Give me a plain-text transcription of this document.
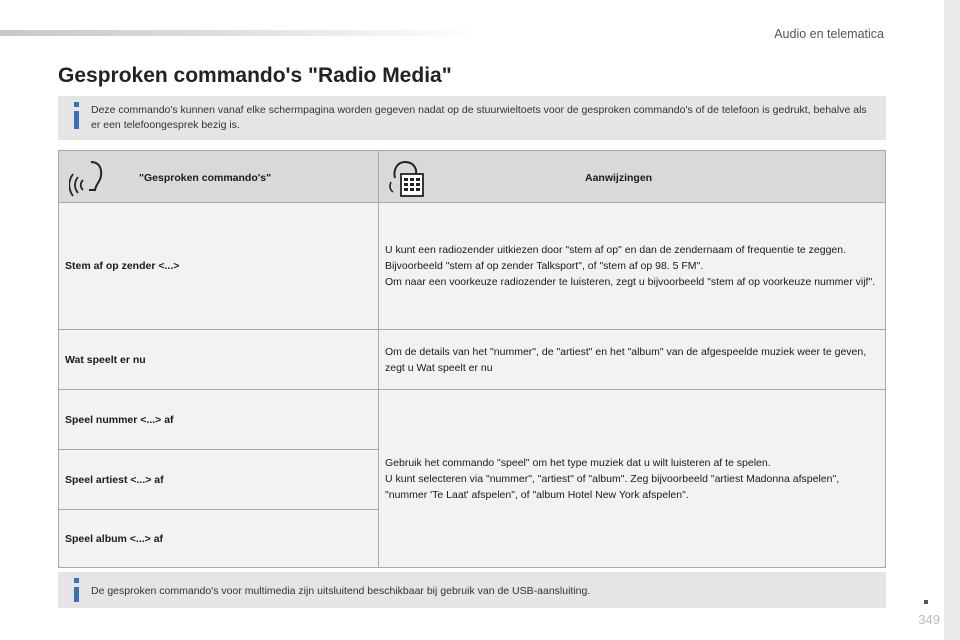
Audio en telematica
Gesproken commando's "Radio Media"

Deze commando's kunnen vanaf elke schermpagina worden gegeven nadat op de stuurwieltoets voor de gesproken commando's of de telefoon is gedrukt, behalve als er een telefoongesprek bezig is.

"Gesproken commando's"	Aanwijzingen

Stem af op zender <...>	U kunt een radiozender uitkiezen door "stem af op" en dan de zendernaam of frequentie te zeggen. Bijvoorbeeld "stem af op zender Talksport", of "stem af op 98. 5 FM".
Om naar een voorkeuze radiozender te luisteren, zegt u bijvoorbeeld "stem af op voorkeuze nummer vijf".
Wat speelt er nu	Om de details van het "nummer", de "artiest" en het "album" van de afgespeelde muziek weer te geven, zegt u Wat speelt er nu
Speel nummer <...> af	Gebruik het commando "speel" om het type muziek dat u wilt luisteren af te spelen.
U kunt selecteren via "nummer", "artiest" of "album". Zeg bijvoorbeeld "artiest Madonna afspelen", "nummer 'Te Laat' afspelen", of "album Hotel New York afspelen".
Speel artiest <...> af	
Speel album <...> af	

De gesproken commando's voor multimedia zijn uitsluitend beschikbaar bij gebruik van de USB-aansluiting.

349
